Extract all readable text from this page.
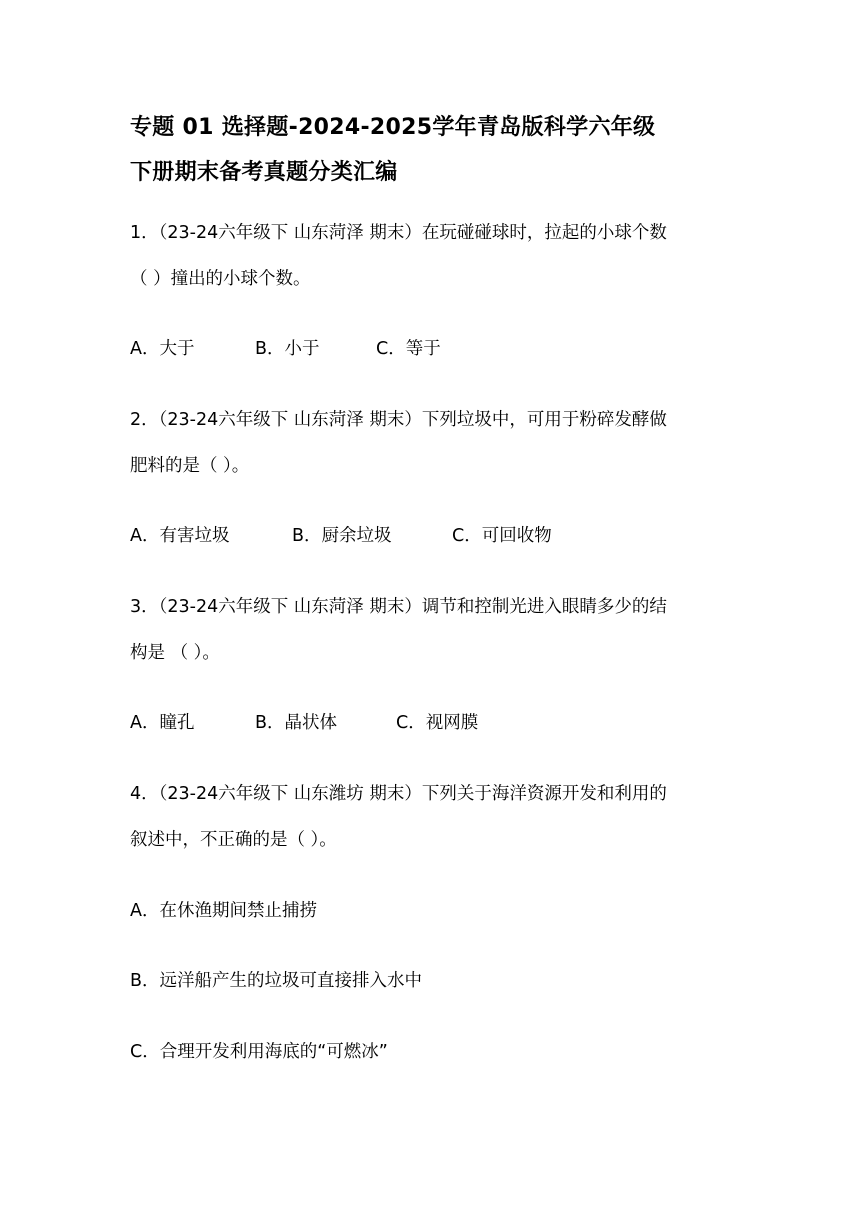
专题 01 选择题-2024-2025学年青岛版科学六年级
下册期末备考真题分类汇编
1．（23-24六年级下 山东菏泽 期末）在玩碰碰球时，拉起的小球个数
（ ）撞出的小球个数。
A．大于	B．小于	C．等于
2．（23-24六年级下 山东菏泽 期末）下列垃圾中，可用于粉碎发酵做
肥料的是（ ）。
A．有害垃圾	B．厨余垃圾	C．可回收物
3．（23-24六年级下 山东菏泽 期末）调节和控制光进入眼睛多少的结
构是 （ ）。
A．瞳孔	B．晶状体	C．视网膜
4．（23-24六年级下 山东潍坊 期末）下列关于海洋资源开发和利用的
叙述中，不正确的是（ ）。
A．在休渔期间禁止捕捞
B．远洋船产生的垃圾可直接排入水中
C．合理开发利用海底的“可燃冰”
